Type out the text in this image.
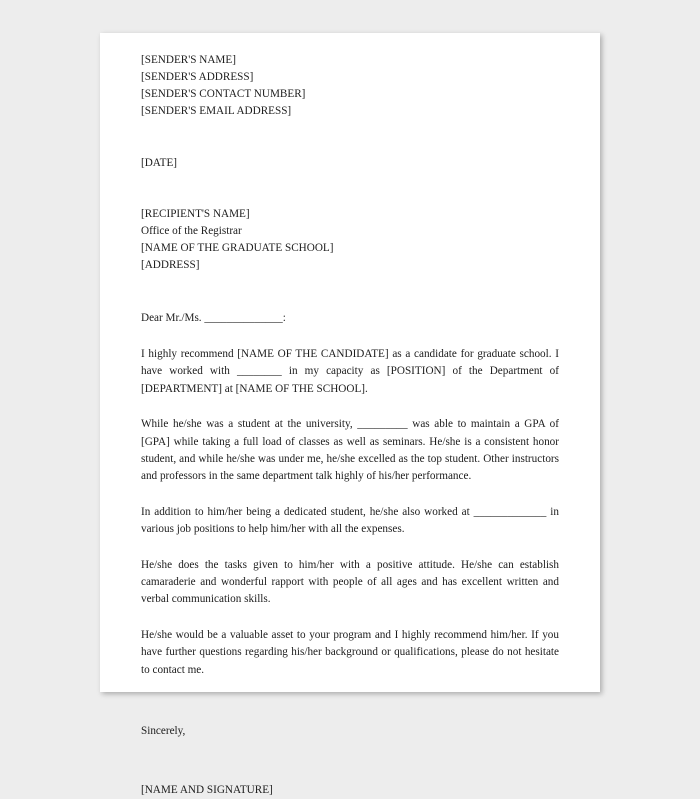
[SENDER'S NAME]
[SENDER'S ADDRESS]
[SENDER'S CONTACT NUMBER]
[SENDER'S EMAIL ADDRESS]
[DATE]
[RECIPIENT'S NAME]
Office of the Registrar
[NAME OF THE GRADUATE SCHOOL]
[ADDRESS]
Dear Mr./Ms. ______________:

I highly recommend [NAME OF THE CANDIDATE] as a candidate for graduate school. I have worked with ________ in my capacity as [POSITION] of the Department of [DEPARTMENT] at [NAME OF THE SCHOOL].

While he/she was a student at the university, _________ was able to maintain a GPA of [GPA] while taking a full load of classes as well as seminars. He/she is a consistent honor student, and while he/she was under me, he/she excelled as the top student. Other instructors and professors in the same department talk highly of his/her performance.

In addition to him/her being a dedicated student, he/she also worked at _____________ in various job positions to help him/her with all the expenses.

He/she does the tasks given to him/her with a positive attitude. He/she can establish camaraderie and wonderful rapport with people of all ages and has excellent written and verbal communication skills.

He/she would be a valuable asset to your program and I highly recommend him/her. If you have further questions regarding his/her background or qualifications, please do not hesitate to contact me.

Sincerely,
[NAME AND SIGNATURE]
